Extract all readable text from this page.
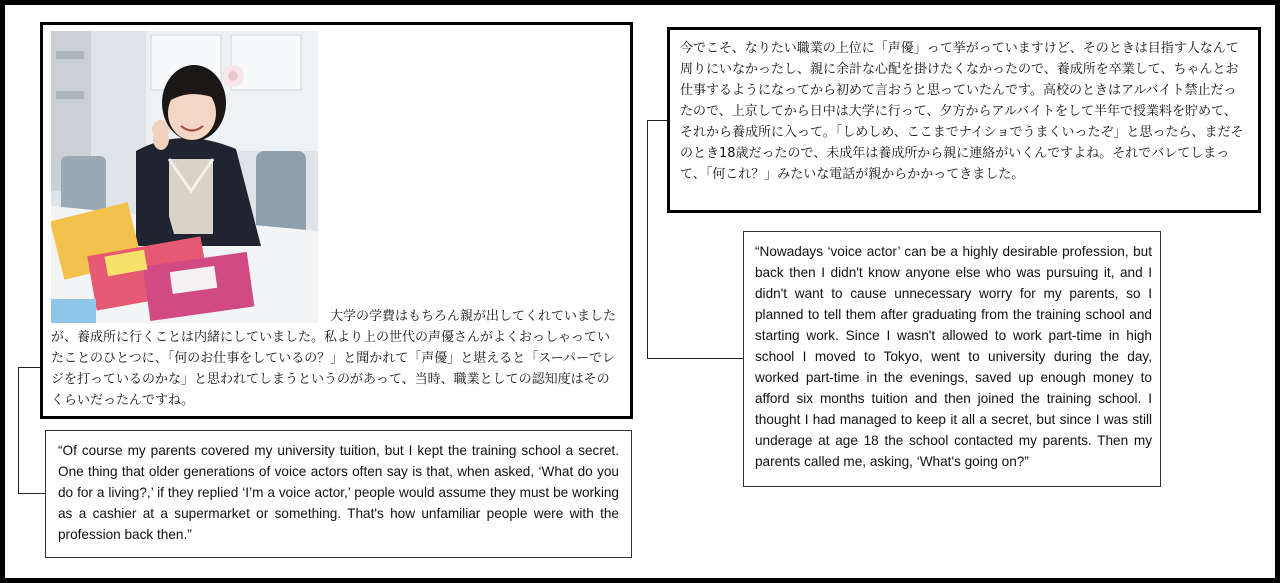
大学の学費はもちろん親が出してくれていましたが、養成所に行くことは内緒にしていました。私より上の世代の声優さんがよくおっしゃっていたことのひとつに、「何のお仕事をしているの？」と聞かれて「声優」と堪えると「スーパーでレジを打っているのかな」と思われてしまうというのがあって、当時、職業としての認知度はそのくらいだったんですね。

今でこそ、なりたい職業の上位に「声優」って挙がっていますけど、そのときは目指す人なんて周りにいなかったし、親に余計な心配を掛けたくなかったので、養成所を卒業して、ちゃんとお仕事するようになってから初めて言おうと思っていたんです。高校のときはアルバイト禁止だったので、上京してから日中は大学に行って、夕方からアルバイトをして半年で授業料を貯めて、それから養成所に入って。「しめしめ、ここまでナイショでうまくいったぞ」と思ったら、まだそのとき18歳だったので、未成年は養成所から親に連絡がいくんですよね。それでバレてしまって、「何これ？」みたいな電話が親からかかってきました。

“Of course my parents covered my university tuition, but I kept the training school a secret. One thing that older generations of voice actors often say is that, when asked, ‘What do you do for a living?,’ if they replied ‘I’m a voice actor,’ people would assume they must be working as a cashier at a supermarket or something. That's how unfamiliar people were with the profession back then.”

“Nowadays ‘voice actor’ can be a highly desirable profession, but back then I didn't know anyone else who was pursuing it, and I didn't want to cause unnecessary worry for my parents, so I planned to tell them after graduating from the training school and starting work. Since I wasn't allowed to work part-time in high school I moved to Tokyo, went to university during the day, worked part-time in the evenings, saved up enough money to afford six months tuition and then joined the training school. I thought I had managed to keep it all a secret, but since I was still underage at age 18 the school contacted my parents. Then my parents called me, asking, ‘What's going on?”
